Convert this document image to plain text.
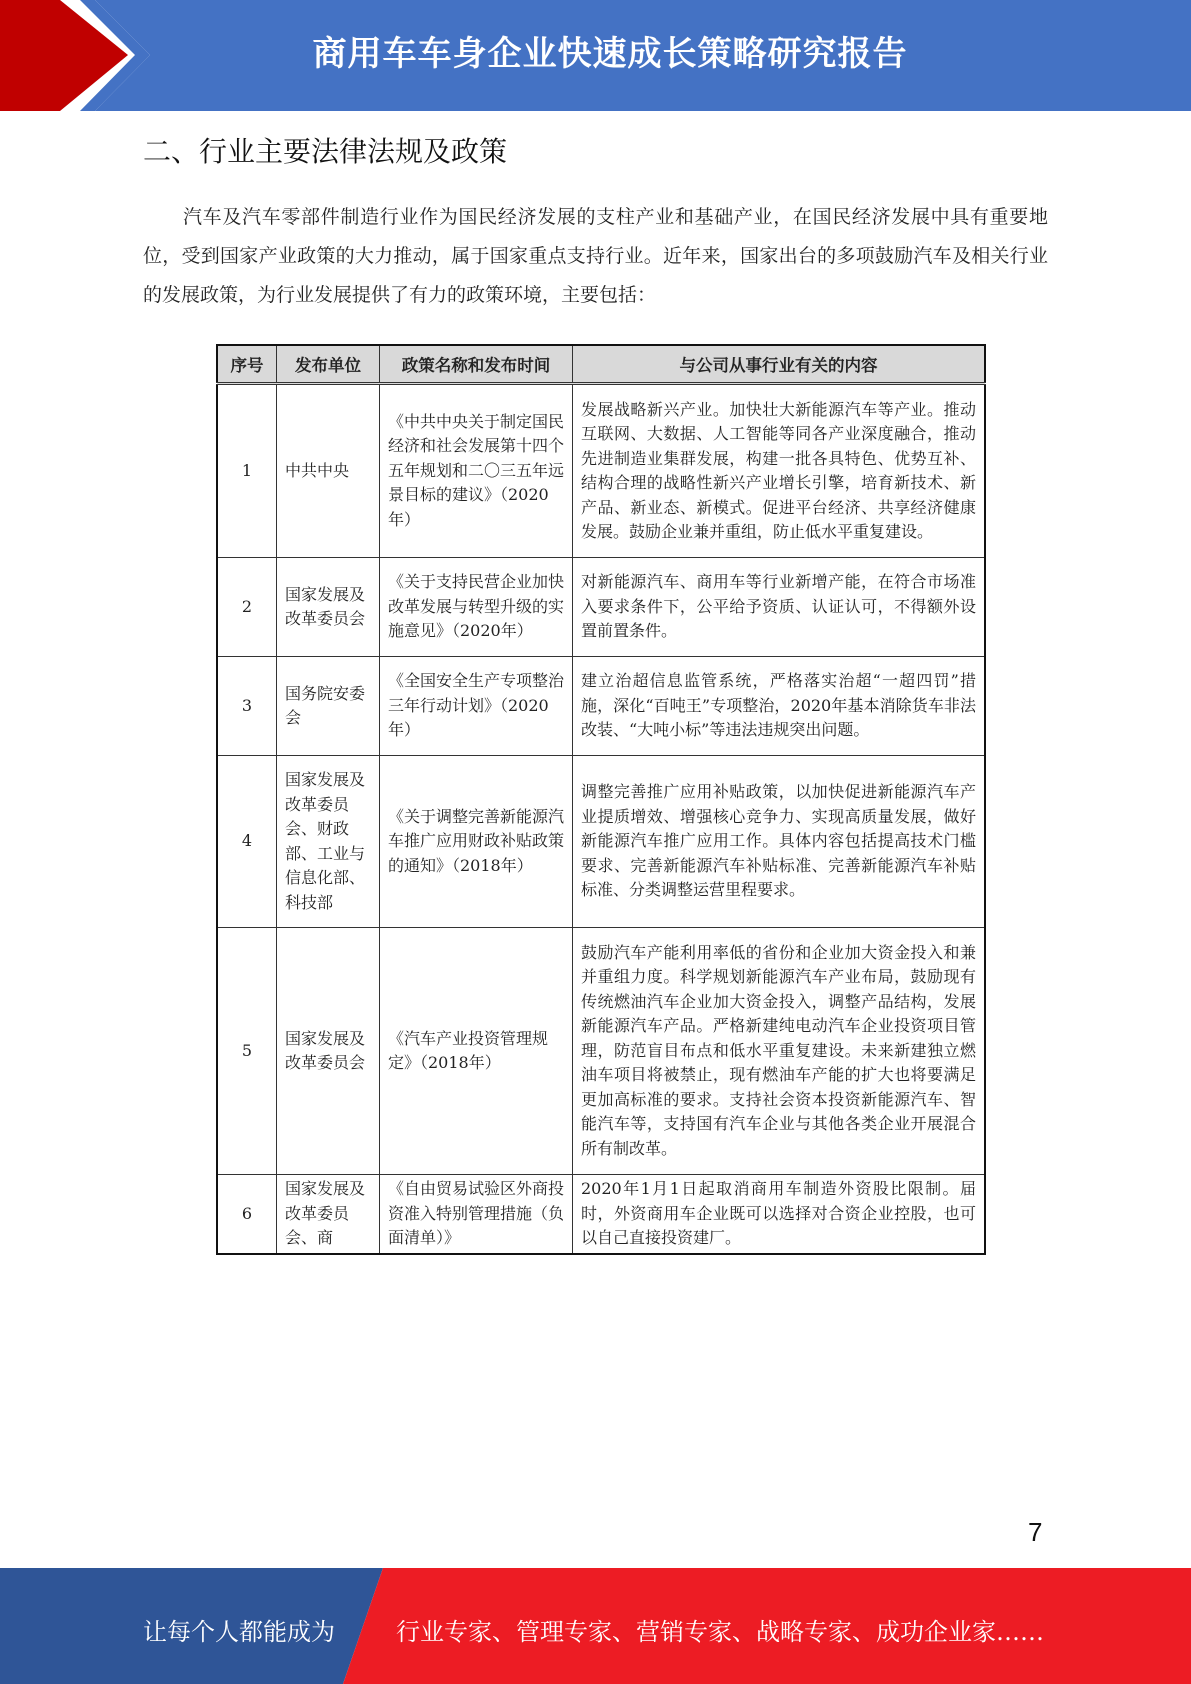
商用车车身企业快速成长策略研究报告
二、行业主要法律法规及政策

汽车及汽车零部件制造行业作为国民经济发展的支柱产业和基础产业，在国民经济发展中具有重要地位，受到国家产业政策的大力推动，属于国家重点支持行业。近年来，国家出台的多项鼓励汽车及相关行业的发展政策，为行业发展提供了有力的政策环境，主要包括：

序号	发布单位	政策名称和发布时间	与公司从事行业有关的内容
1	中共中央	《中共中央关于制定国民经济和社会发展第十四个五年规划和二〇三五年远景目标的建议》（2020年）	发展战略新兴产业。加快壮大新能源汽车等产业。推动互联网、大数据、人工智能等同各产业深度融合，推动先进制造业集群发展，构建一批各具特色、优势互补、结构合理的战略性新兴产业增长引擎，培育新技术、新产品、新业态、新模式。促进平台经济、共享经济健康发展。鼓励企业兼并重组，防止低水平重复建设。
2	国家发展及改革委员会	《关于支持民营企业加快改革发展与转型升级的实施意见》（2020年）	对新能源汽车、商用车等行业新增产能，在符合市场准入要求条件下，公平给予资质、认证认可，不得额外设置前置条件。
3	国务院安委会	《全国安全生产专项整治三年行动计划》（2020年）	建立治超信息监管系统，严格落实治超“一超四罚”措施，深化“百吨王”专项整治，2020年基本消除货车非法改装、“大吨小标”等违法违规突出问题。
4	国家发展及改革委员会、财政部、工业与信息化部、科技部	《关于调整完善新能源汽车推广应用财政补贴政策的通知》（2018年）	调整完善推广应用补贴政策，以加快促进新能源汽车产业提质增效、增强核心竞争力、实现高质量发展，做好新能源汽车推广应用工作。具体内容包括提高技术门槛要求、完善新能源汽车补贴标准、完善新能源汽车补贴标准、分类调整运营里程要求。
5	国家发展及改革委员会	《汽车产业投资管理规定》（2018年）	鼓励汽车产能利用率低的省份和企业加大资金投入和兼并重组力度。科学规划新能源汽车产业布局，鼓励现有传统燃油汽车企业加大资金投入，调整产品结构，发展新能源汽车产品。严格新建纯电动汽车企业投资项目管理，防范盲目布点和低水平重复建设。未来新建独立燃油车项目将被禁止，现有燃油车产能的扩大也将要满足更加高标准的要求。支持社会资本投资新能源汽车、智能汽车等，支持国有汽车企业与其他各类企业开展混合所有制改革。
6	国家发展及改革委员会、商	《自由贸易试验区外商投资准入特别管理措施（负面清单）》	2020年1月1日起取消商用车制造外资股比限制。届时，外资商用车企业既可以选择对合资企业控股，也可以自己直接投资建厂。
7
让每个人都能成为	行业专家、管理专家、营销专家、战略专家、成功企业家……
